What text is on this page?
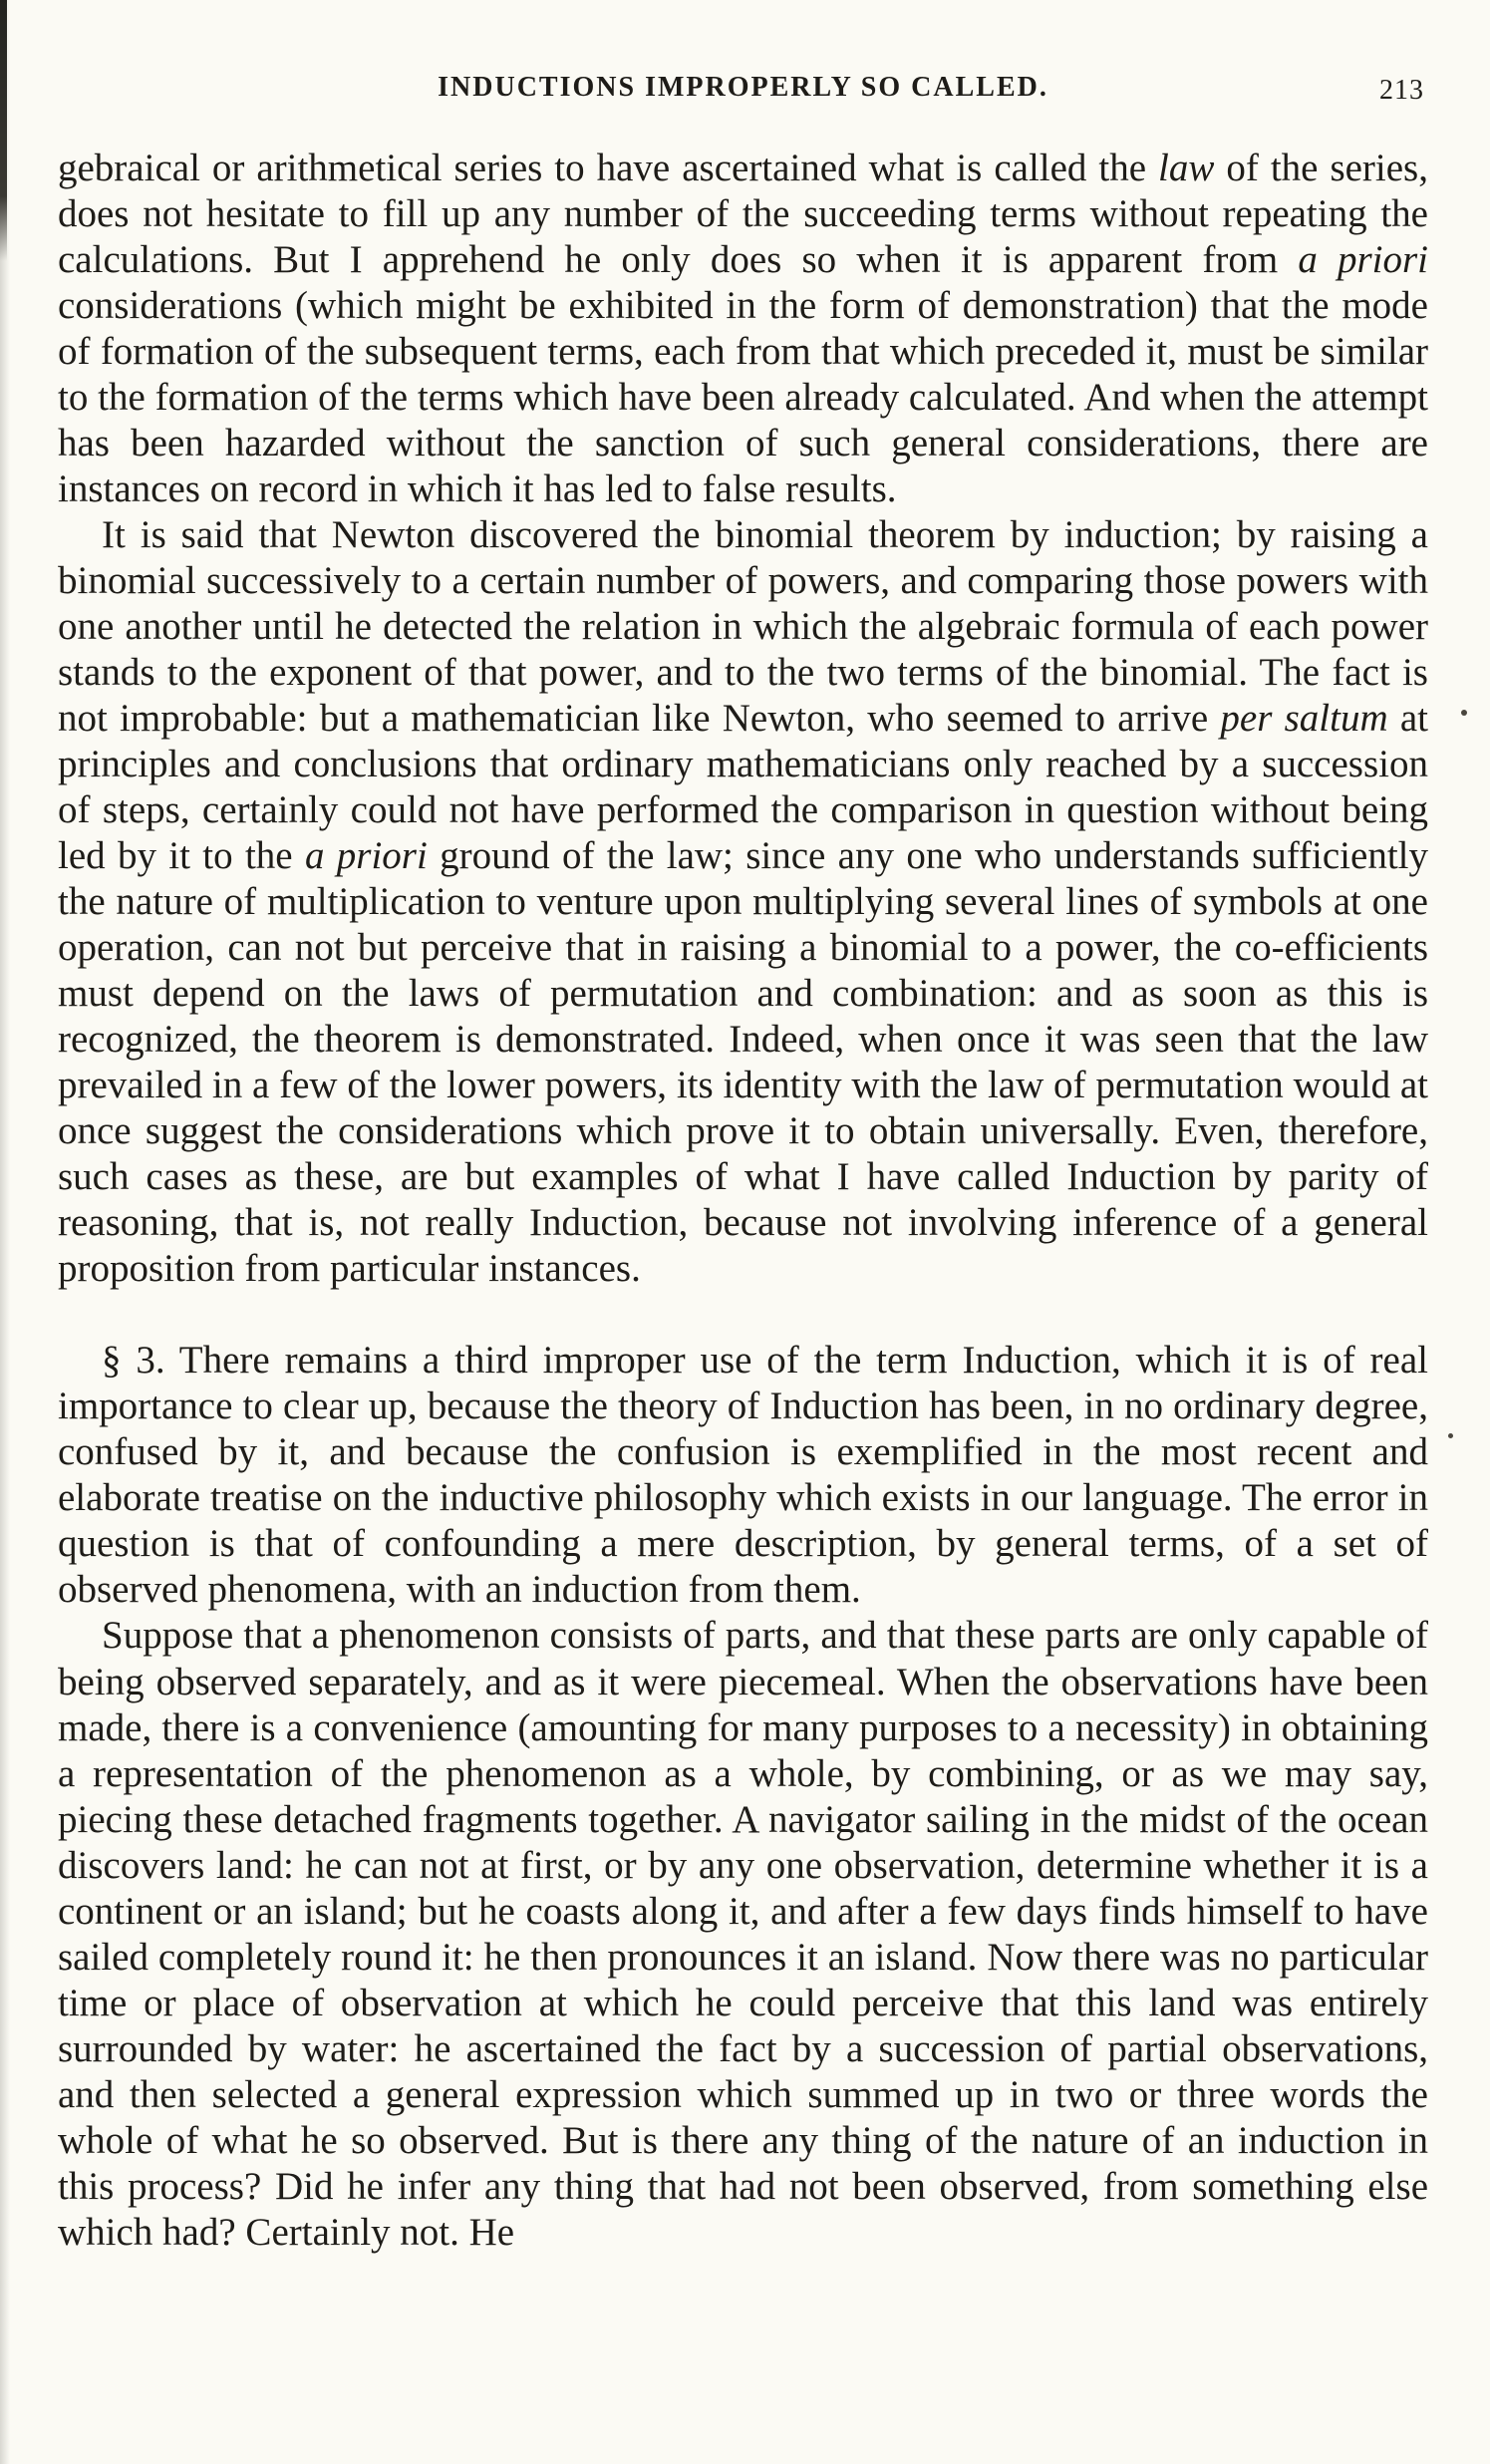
INDUCTIONS IMPROPERLY SO CALLED.	213

gebraical or arithmetical series to have ascertained what is called the law of the series, does not hesitate to fill up any number of the succeeding terms without repeating the calculations. But I apprehend he only does so when it is apparent from a priori considerations (which might be exhibited in the form of demonstration) that the mode of formation of the subsequent terms, each from that which preceded it, must be similar to the formation of the terms which have been already calculated. And when the attempt has been hazarded without the sanction of such general considerations, there are instances on record in which it has led to false results.

It is said that Newton discovered the binomial theorem by induction; by raising a binomial successively to a certain number of powers, and comparing those powers with one another until he detected the relation in which the algebraic formula of each power stands to the exponent of that power, and to the two terms of the binomial. The fact is not improbable: but a mathematician like Newton, who seemed to arrive per saltum at principles and conclusions that ordinary mathematicians only reached by a succession of steps, certainly could not have performed the comparison in question without being led by it to the a priori ground of the law; since any one who understands sufficiently the nature of multiplication to venture upon multiplying several lines of symbols at one operation, can not but perceive that in raising a binomial to a power, the co-efficients must depend on the laws of permutation and combination: and as soon as this is recognized, the theorem is demonstrated. Indeed, when once it was seen that the law prevailed in a few of the lower powers, its identity with the law of permutation would at once suggest the considerations which prove it to obtain universally. Even, therefore, such cases as these, are but examples of what I have called Induction by parity of reasoning, that is, not really Induction, because not involving inference of a general proposition from particular instances.

§ 3. There remains a third improper use of the term Induction, which it is of real importance to clear up, because the theory of Induction has been, in no ordinary degree, confused by it, and because the confusion is exemplified in the most recent and elaborate treatise on the inductive philosophy which exists in our language. The error in question is that of confounding a mere description, by general terms, of a set of observed phenomena, with an induction from them.

Suppose that a phenomenon consists of parts, and that these parts are only capable of being observed separately, and as it were piecemeal. When the observations have been made, there is a convenience (amounting for many purposes to a necessity) in obtaining a representation of the phenomenon as a whole, by combining, or as we may say, piecing these detached fragments together. A navigator sailing in the midst of the ocean discovers land: he can not at first, or by any one observation, determine whether it is a continent or an island; but he coasts along it, and after a few days finds himself to have sailed completely round it: he then pronounces it an island. Now there was no particular time or place of observation at which he could perceive that this land was entirely surrounded by water: he ascertained the fact by a succession of partial observations, and then selected a general expression which summed up in two or three words the whole of what he so observed. But is there any thing of the nature of an induction in this process? Did he infer any thing that had not been observed, from something else which had? Certainly not. He
